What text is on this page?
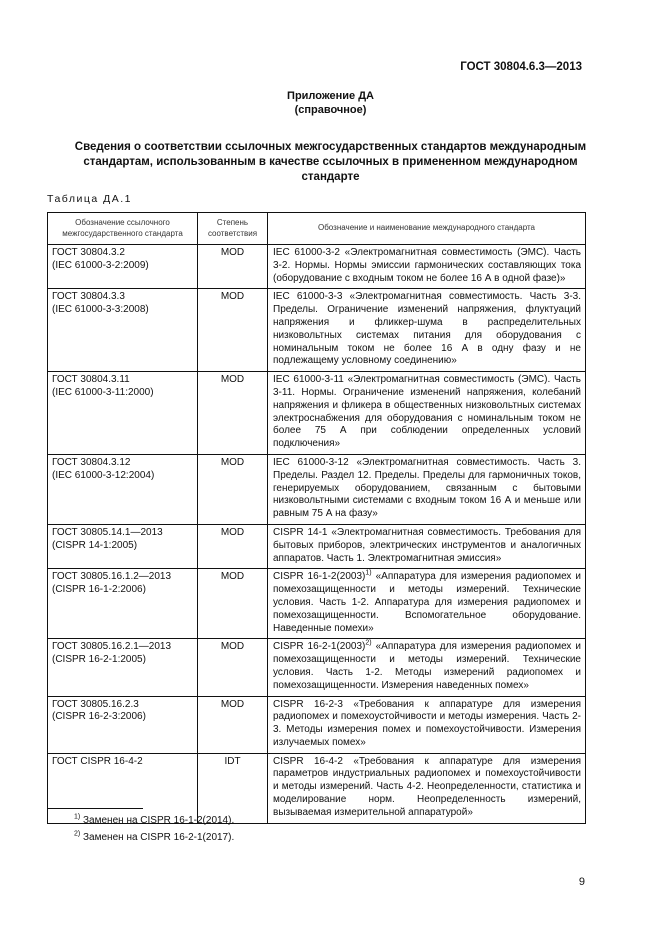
ГОСТ 30804.6.3—2013
Приложение ДА
(справочное)
Сведения о соответствии ссылочных межгосударственных стандартов международным стандартам, использованным в качестве ссылочных в примененном международном стандарте
Таблица ДА.1
Обозначение ссылочного межгосударственного стандарта	Степень соответствия	Обозначение и наименование международного стандарта

ГОСТ 30804.3.2
(IEC 61000-3-2:2009)	MOD	IEC 61000-3-2 «Электромагнитная совместимость (ЭМС). Часть 3-2. Нормы. Нормы эмиссии гармонических составляющих тока (оборудование с входным током не более 16 А в одной фазе)»

ГОСТ 30804.3.3
(IEC 61000-3-3:2008)	MOD	IEC 61000-3-3 «Электромагнитная совместимость. Часть 3-3. Пределы. Ограничение изменений напряжения, флуктуаций напряжения и фликкер-шума в распределительных низковольтных системах питания для оборудования с номинальным током не более 16 А в одну фазу и не подлежащему условному соединению»

ГОСТ 30804.3.11
(IEC 61000-3-11:2000)	MOD	IEC 61000-3-11 «Электромагнитная совместимость (ЭМС). Часть 3-11. Нормы. Ограничение изменений напряжения, колебаний напряжения и фликера в общественных низковольтных системах электроснабжения для оборудования с номинальным током не более 75 А при соблюдении определенных условий подключения»

ГОСТ 30804.3.12
(IEC 61000-3-12:2004)	MOD	IEC 61000-3-12 «Электромагнитная совместимость. Часть 3. Пределы. Раздел 12. Пределы. Пределы для гармоничных токов, генерируемых оборудованием, связанным с бытовыми низковольтными системами с входным током 16 А и меньше или равным 75 А на фазу»

ГОСТ 30805.14.1—2013
(CISPR 14-1:2005)	MOD	CISPR 14-1 «Электромагнитная совместимость. Требования для бытовых приборов, электрических инструментов и аналогичных аппаратов. Часть 1. Электромагнитная эмиссия»

ГОСТ 30805.16.1.2—2013
(CISPR 16-1-2:2006)	MOD	CISPR $16-1-2(2003)^{1)}$ «Аппаратура для измерения радиопомех и помехозащищенности и методы измерений. Технические условия. Часть 1-2. Аппаратура для измерения радиопомех и помехозащищенности. Вспомогательное оборудование. Наведенные помехи»

ГОСТ 30805.16.2.1—2013
(CISPR 16-2-1:2005)	MOD	CISPR $16-2-1(2003)^{2)}$ «Аппаратура для измерения радиопомех и помехозащищенности и методы измерений. Технические условия. Часть 1-2. Методы измерений радиопомех и помехозащищенности. Измерения наведенных помех»

ГОСТ 30805.16.2.3
(CISPR 16-2-3:2006)	MOD	CISPR 16-2-3 «Требования к аппаратуре для измерения радиопомех и помехоустойчивости и методы измерения. Часть 2-3. Методы измерения помех и помехоустойчивости. Измерения излучаемых помех»

ГОСТ CISPR 16-4-2	IDT	CISPR 16-4-2 «Требования к аппаратуре для измерения параметров индустриальных радиопомех и помехоустойчивости и методы измерений. Часть 4-2. Неопределенности, статистика и моделирование норм. Неопределенность измерений, вызываемая измерительной аппаратурой»
$^{1)}$ Заменен на CISPR 16-1-2(2014).
$^{2)}$ Заменен на CISPR 16-2-1(2017).
9
